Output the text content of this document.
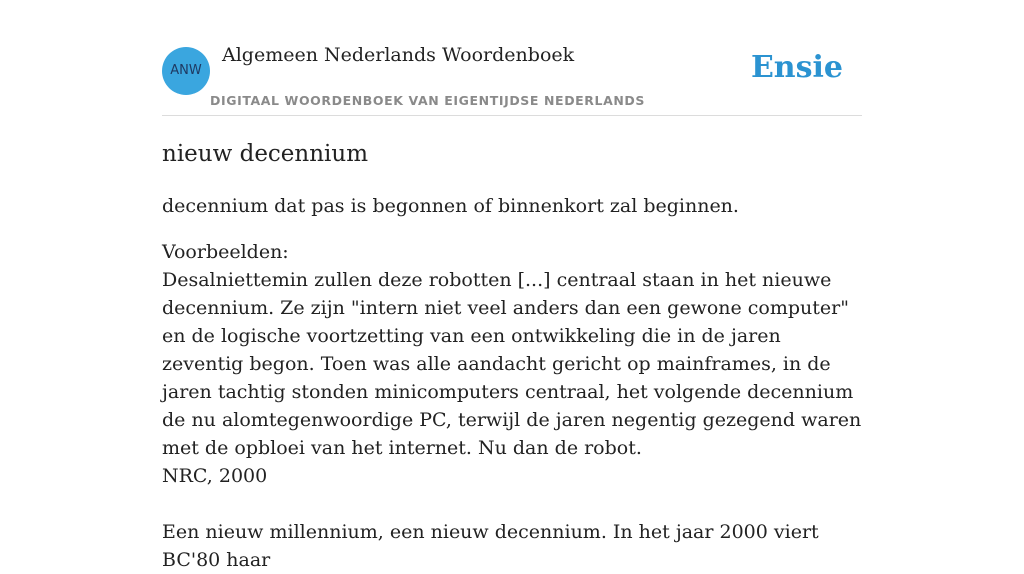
ANW
Algemeen Nederlands Woordenboek
DIGITAAL WOORDENBOEK VAN EIGENTIJDSE NEDERLANDS
Ensie
nieuw decennium

decennium dat pas is begonnen of binnenkort zal beginnen.

Voorbeelden:
Desalniettemin zullen deze robotten [...] centraal staan in het nieuwe decennium. Ze zijn "intern niet veel anders dan een gewone computer" en de logische voortzetting van een ontwikkeling die in de jaren zeventig begon. Toen was alle aandacht gericht op mainframes, in de jaren tachtig stonden minicomputers centraal, het volgende decennium de nu alomtegenwoordige PC, terwijl de jaren negentig gezegend waren met de opbloei van het internet. Nu dan de robot.
NRC, 2000
Een nieuw millennium, een nieuw decennium. In het jaar 2000 viert BC'80 haar
